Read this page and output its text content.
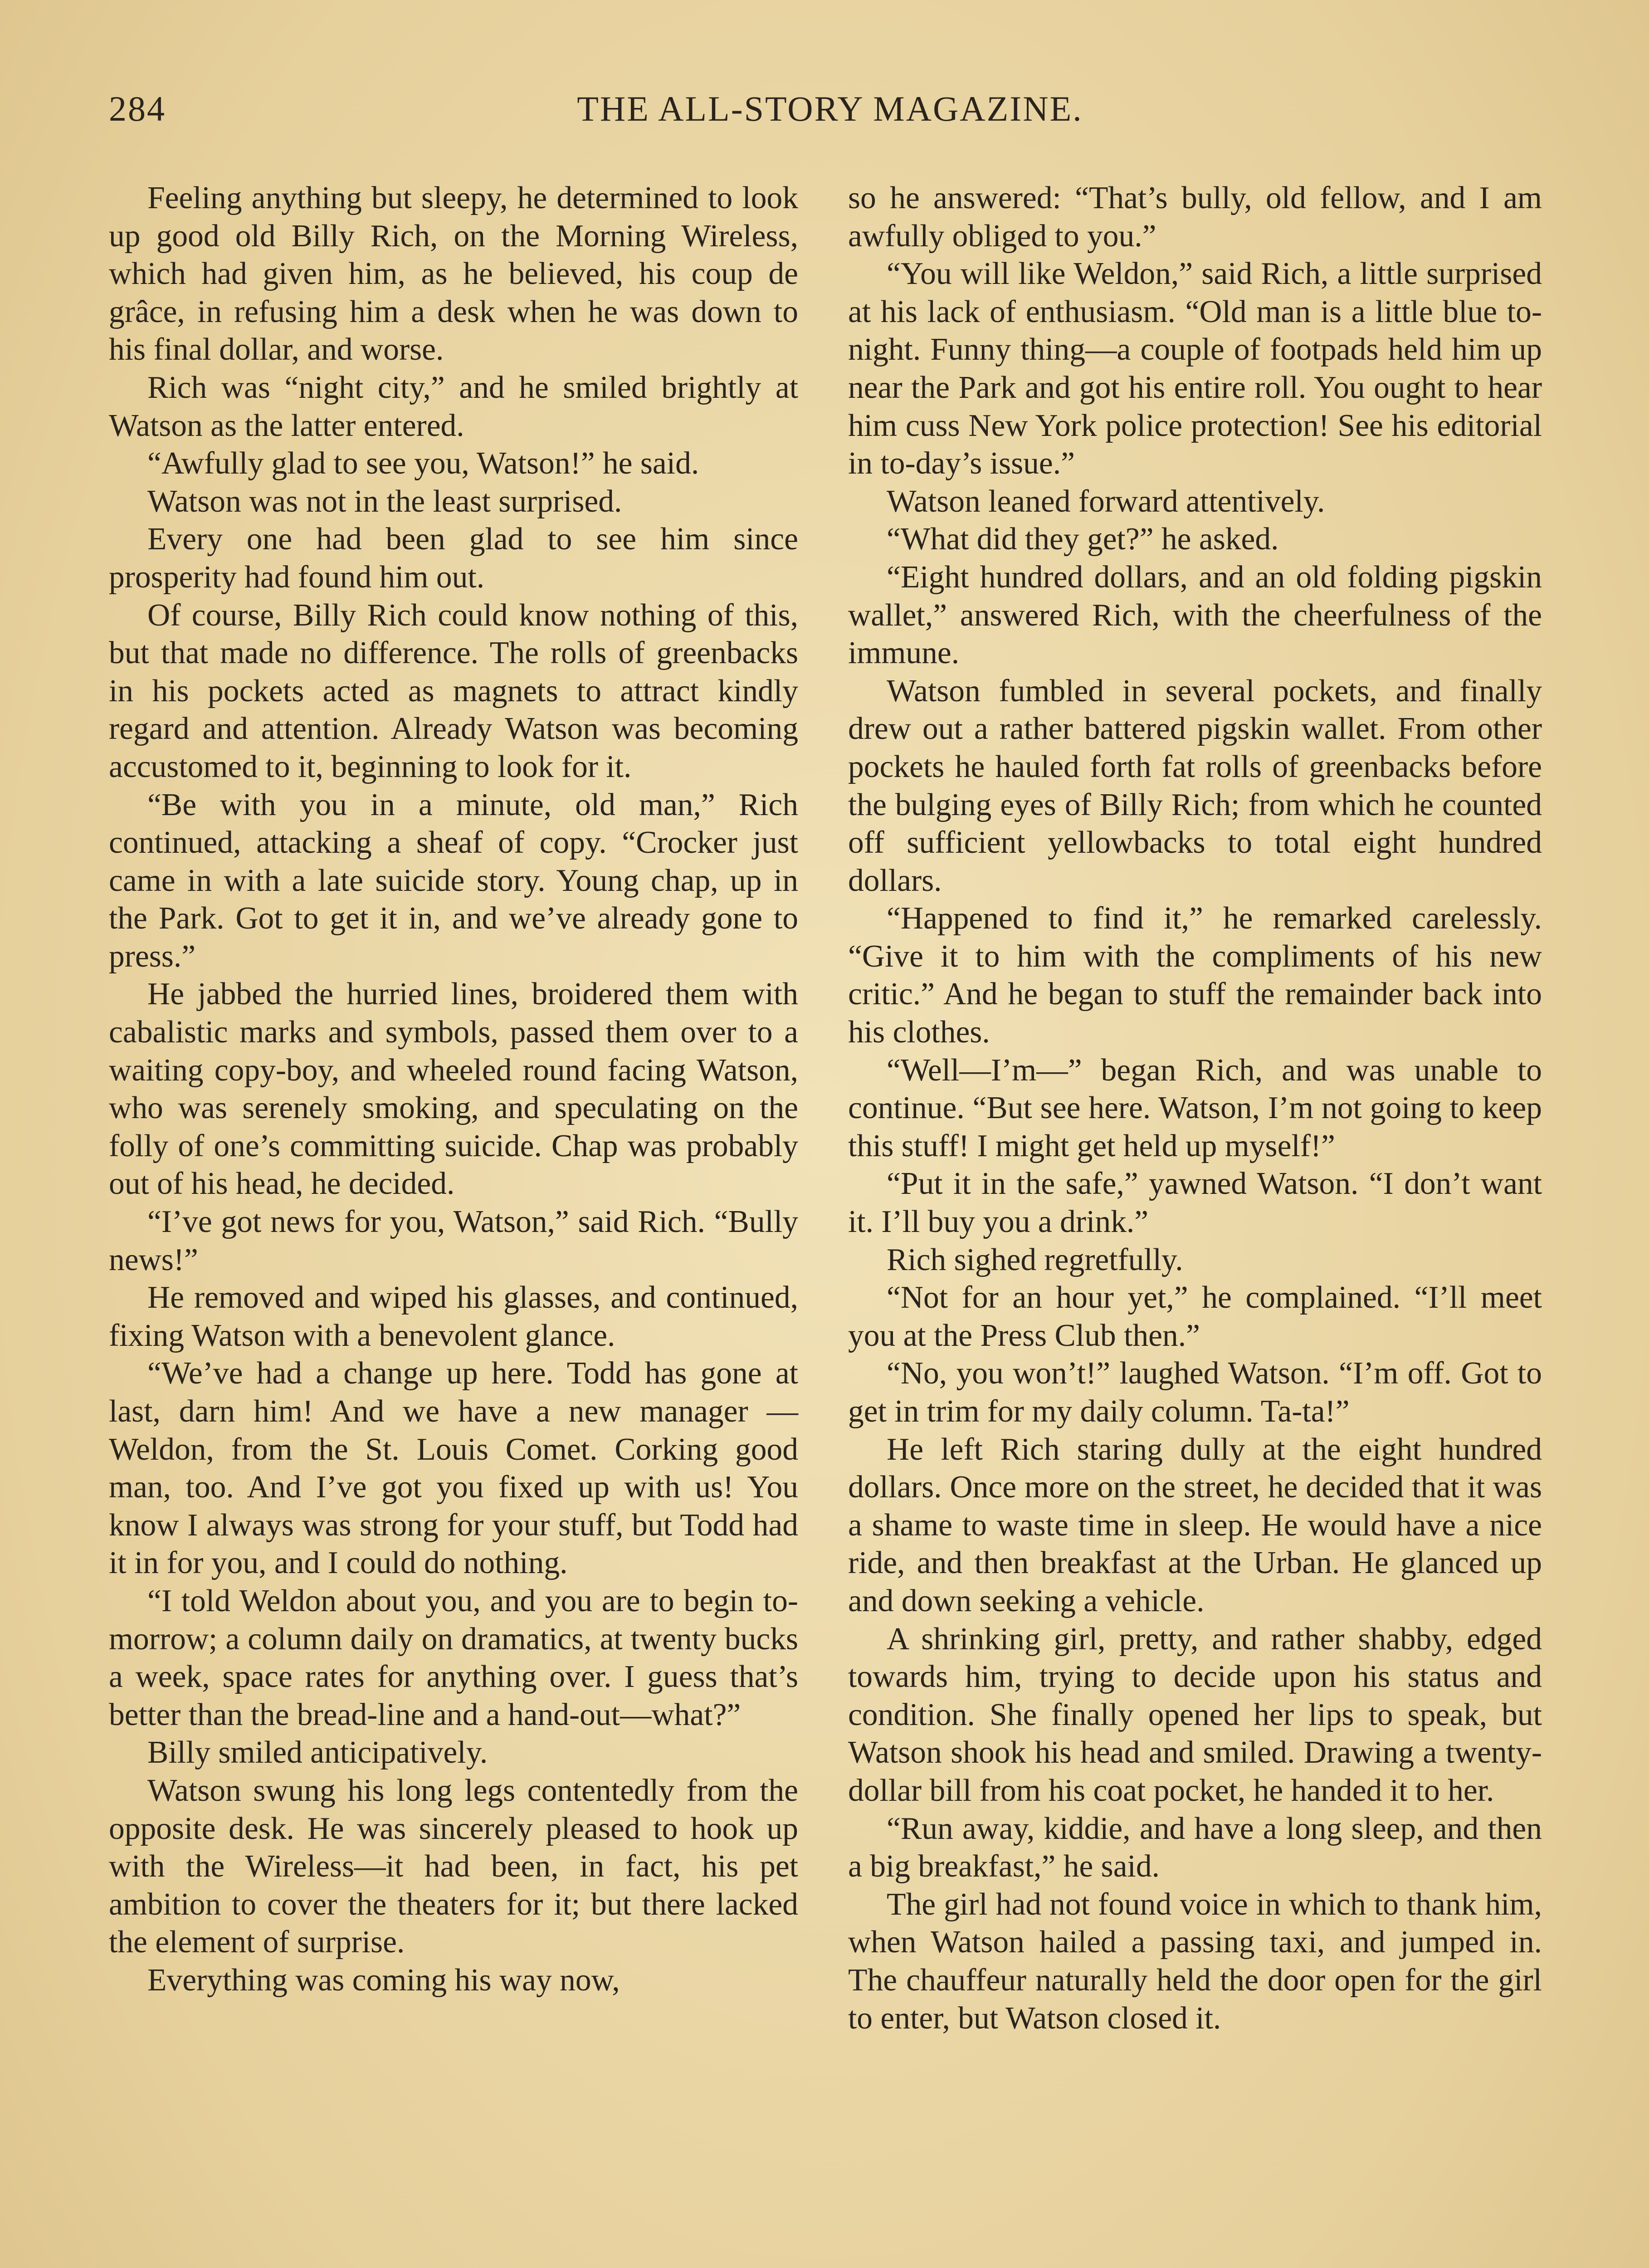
284	THE ALL-STORY MAGAZINE.

Feeling anything but sleepy, he determined to look up good old Billy Rich, on the Morning Wireless, which had given him, as he believed, his coup de grâce, in refusing him a desk when he was down to his final dollar, and worse.

Rich was “night city,” and he smiled brightly at Watson as the latter entered.

“Awfully glad to see you, Watson!” he said.

Watson was not in the least surprised.

Every one had been glad to see him since prosperity had found him out.

Of course, Billy Rich could know nothing of this, but that made no difference. The rolls of greenbacks in his pockets acted as magnets to attract kindly regard and attention. Already Watson was becoming accustomed to it, beginning to look for it.

“Be with you in a minute, old man,” Rich continued, attacking a sheaf of copy. “Crocker just came in with a late suicide story. Young chap, up in the Park. Got to get it in, and we’ve already gone to press.”

He jabbed the hurried lines, broidered them with cabalistic marks and symbols, passed them over to a waiting copy-boy, and wheeled round facing Watson, who was serenely smoking, and speculating on the folly of one’s committing suicide. Chap was probably out of his head, he decided.

“I’ve got news for you, Watson,” said Rich. “Bully news!”

He removed and wiped his glasses, and continued, fixing Watson with a benevolent glance.

“We’ve had a change up here. Todd has gone at last, darn him! And we have a new manager — Weldon, from the St. Louis Comet. Corking good man, too. And I’ve got you fixed up with us! You know I always was strong for your stuff, but Todd had it in for you, and I could do nothing.

“I told Weldon about you, and you are to begin to-morrow; a column daily on dramatics, at twenty bucks a week, space rates for anything over. I guess that’s better than the bread-line and a hand-out—what?”

Billy smiled anticipatively.

Watson swung his long legs contentedly from the opposite desk. He was sincerely pleased to hook up with the Wireless—it had been, in fact, his pet ambition to cover the theaters for it; but there lacked the element of surprise.

Everything was coming his way now,

so he answered: “That’s bully, old fellow, and I am awfully obliged to you.”

“You will like Weldon,” said Rich, a little surprised at his lack of enthusiasm. “Old man is a little blue to-night. Funny thing—a couple of footpads held him up near the Park and got his entire roll. You ought to hear him cuss New York police protection! See his editorial in to-day’s issue.”

Watson leaned forward attentively.

“What did they get?” he asked.

“Eight hundred dollars, and an old folding pigskin wallet,” answered Rich, with the cheerfulness of the immune.

Watson fumbled in several pockets, and finally drew out a rather battered pigskin wallet. From other pockets he hauled forth fat rolls of greenbacks before the bulging eyes of Billy Rich; from which he counted off sufficient yellowbacks to total eight hundred dollars.

“Happened to find it,” he remarked carelessly. “Give it to him with the compliments of his new critic.” And he began to stuff the remainder back into his clothes.

“Well—I’m—” began Rich, and was unable to continue. “But see here. Watson, I’m not going to keep this stuff! I might get held up myself!”

“Put it in the safe,” yawned Watson. “I don’t want it. I’ll buy you a drink.”

Rich sighed regretfully.

“Not for an hour yet,” he complained. “I’ll meet you at the Press Club then.”

“No, you won’t!” laughed Watson. “I’m off. Got to get in trim for my daily column. Ta-ta!”

He left Rich staring dully at the eight hundred dollars. Once more on the street, he decided that it was a shame to waste time in sleep. He would have a nice ride, and then breakfast at the Urban. He glanced up and down seeking a vehicle.

A shrinking girl, pretty, and rather shabby, edged towards him, trying to decide upon his status and condition. She finally opened her lips to speak, but Watson shook his head and smiled. Drawing a twenty-dollar bill from his coat pocket, he handed it to her.

“Run away, kiddie, and have a long sleep, and then a big breakfast,” he said.

The girl had not found voice in which to thank him, when Watson hailed a passing taxi, and jumped in. The chauffeur naturally held the door open for the girl to enter, but Watson closed it.
